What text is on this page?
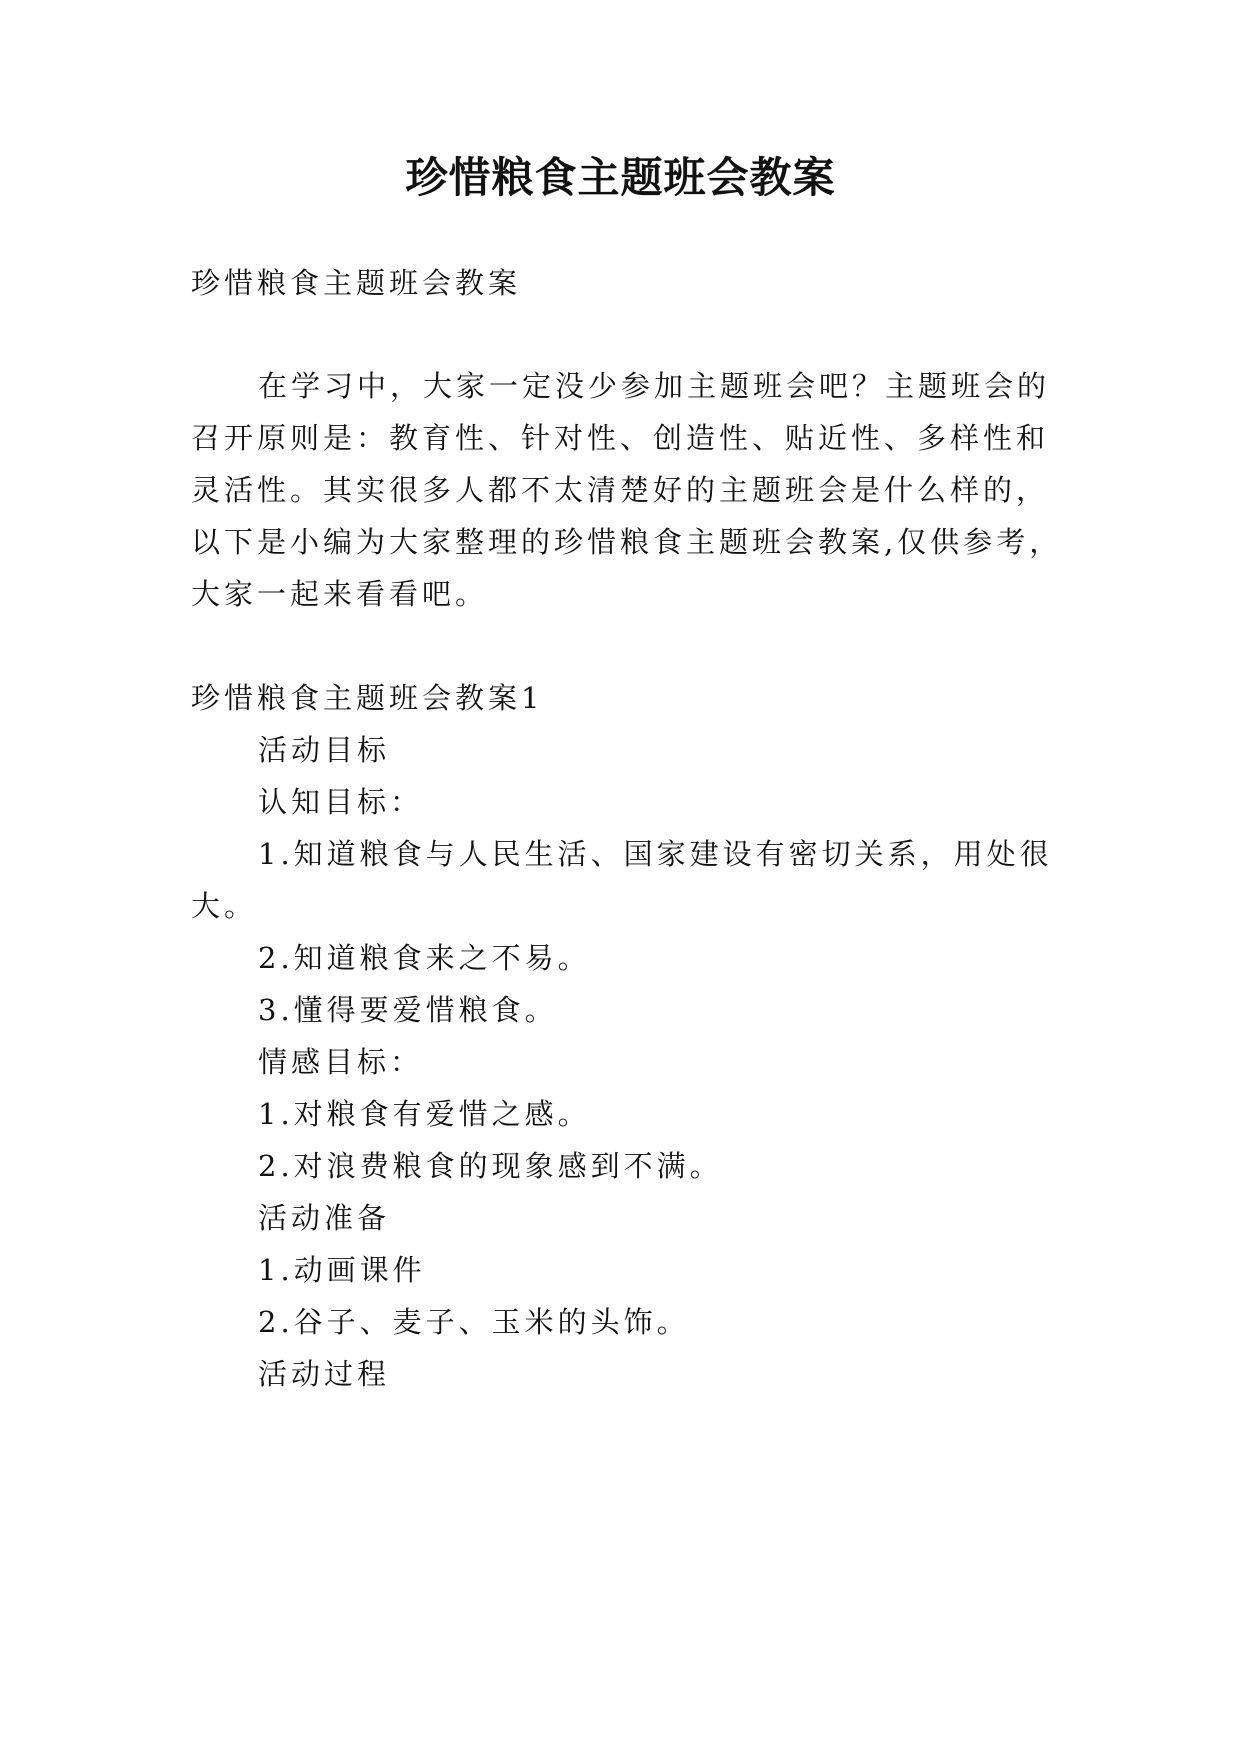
珍惜粮食主题班会教案
珍惜粮食主题班会教案
在学习中，大家一定没少参加主题班会吧？主题班会的
召开原则是：教育性、针对性、创造性、贴近性、多样性和
灵活性。其实很多人都不太清楚好的主题班会是什么样的，
以下是小编为大家整理的珍惜粮食主题班会教案,仅供参考，
大家一起来看看吧。
珍惜粮食主题班会教案1
活动目标
认知目标：
1.知道粮食与人民生活、国家建设有密切关系，用处很
大。
2.知道粮食来之不易。
3.懂得要爱惜粮食。
情感目标：
1.对粮食有爱惜之感。
2.对浪费粮食的现象感到不满。
活动准备
1.动画课件
2.谷子、麦子、玉米的头饰。
活动过程
